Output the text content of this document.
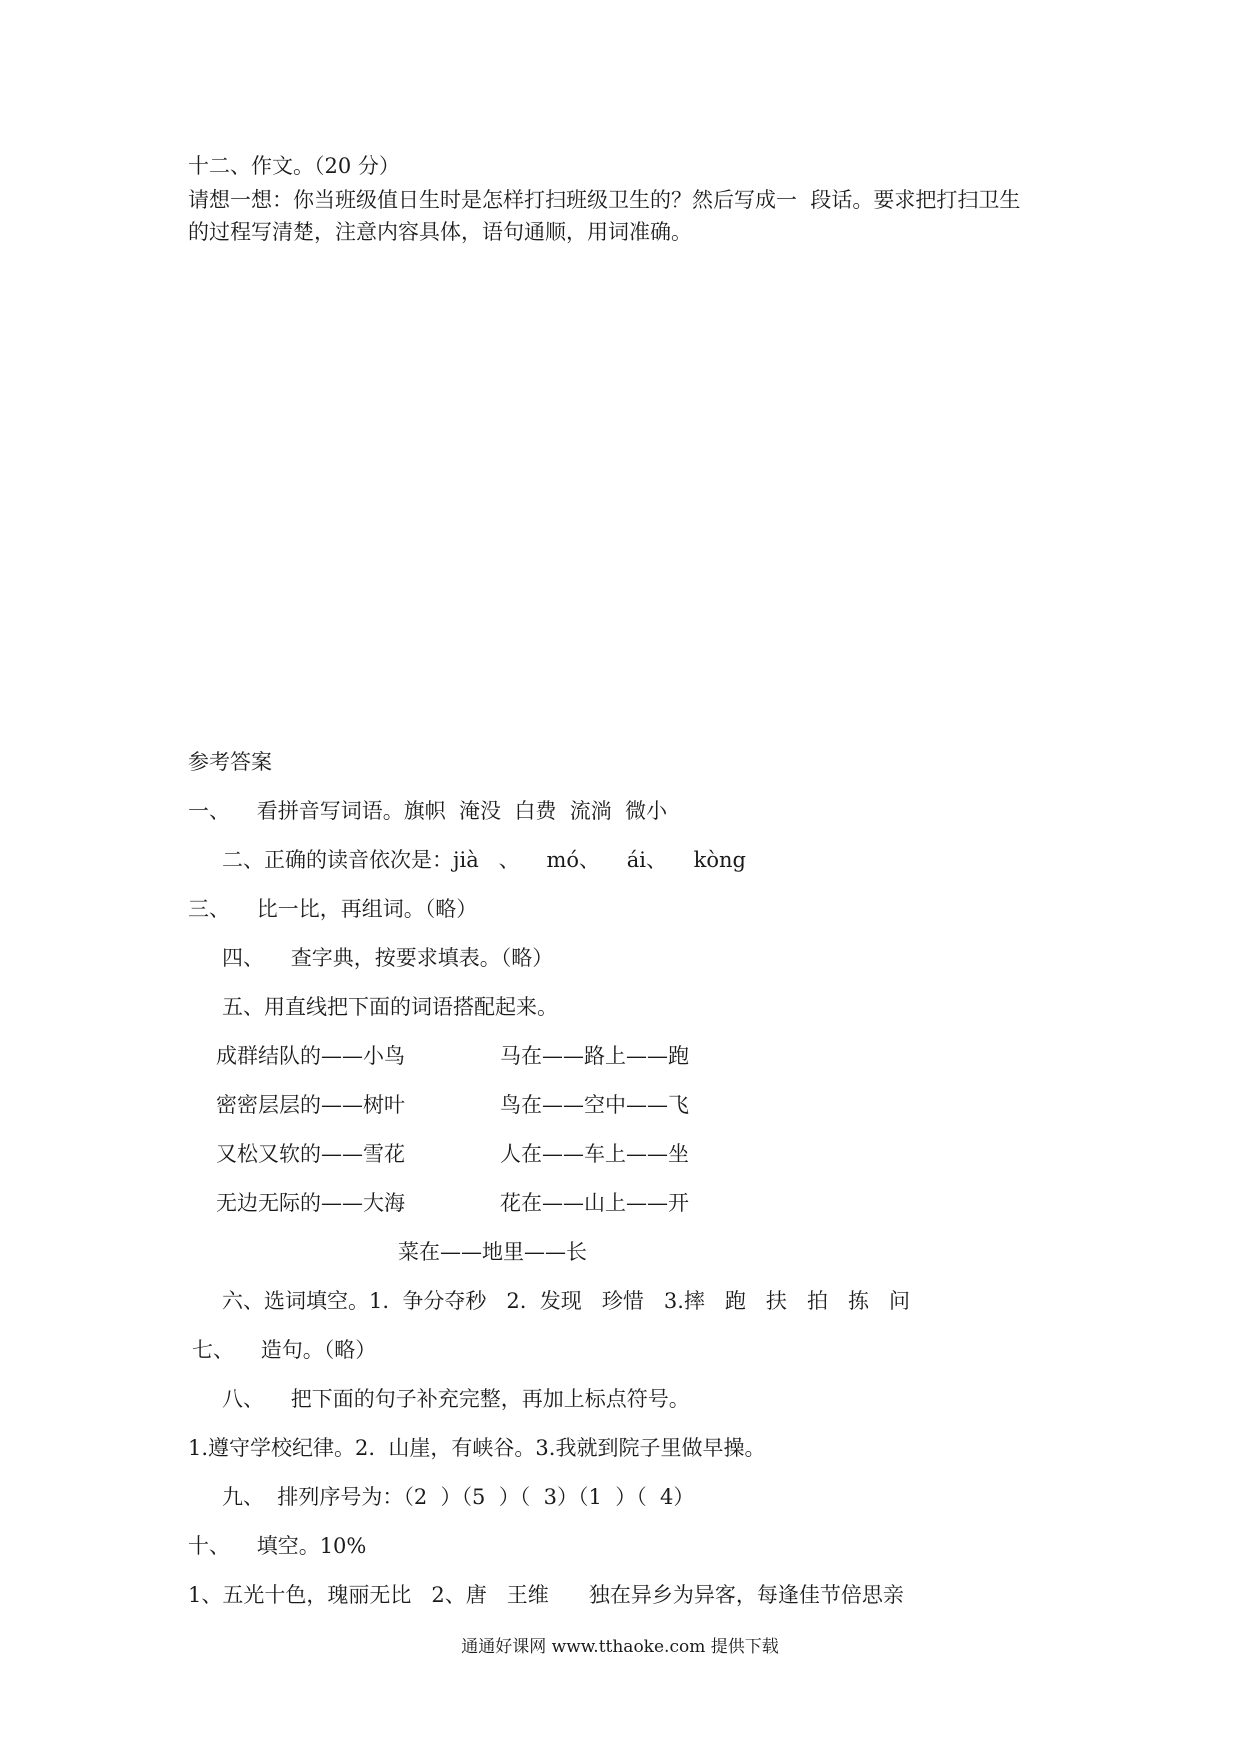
十二、作文。（20 分）
请想一想：你当班级值日生时是怎样打扫班级卫生的？然后写成一  段话。要求把打扫卫生
的过程写清楚，注意内容具体，语句通顺，用词准确。
参考答案
一、    看拼音写词语。旗帜  淹没  白费  流淌  微小
二、正确的读音依次是：jià   、    mó、    ái、    kòng
三、    比一比，再组词。（略）
四、    查字典，按要求填表。（略）
五、用直线把下面的词语搭配起来。
成群结队的——小鸟	马在——路上——跑
密密层层的——树叶	鸟在——空中——飞
又松又软的——雪花	人在——车上——坐
无边无际的——大海	花在——山上——开
菜在——地里——长
六、选词填空。1.  争分夺秒   2.  发现   珍惜   3.摔   跑   扶   拍   拣   问
七、    造句。（略）
八、    把下面的句子补充完整，再加上标点符号。
1.遵守学校纪律。2.  山崖，有峡谷。3.我就到院子里做早操。
九、  排列序号为：（2  ）（5  ）（  3）（1  ）（  4）
十、    填空。10%
1、五光十色，瑰丽无比   2、唐   王维      独在异乡为异客，每逢佳节倍思亲
通通好课网 www.tthaoke.com 提供下载
